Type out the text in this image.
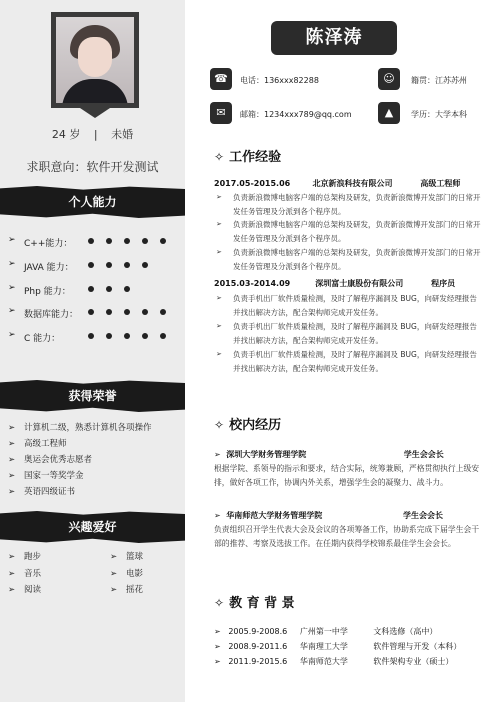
24 岁 | 未婚
求职意向：软件开发测试
个人能力
➢ C++能力：
➢ JAVA 能力：
➢ Php 能力：
➢ 数据库能力：
➢ C 能力：
获得荣誉
➢ 计算机二级，熟悉计算机各项操作
➢ 高级工程师
➢ 奥运会优秀志愿者
➢ 国家一等奖学金
➢ 英语四级证书
兴趣爱好
➢ 跑步	➢ 篮球
➢ 音乐	➢ 电影
➢ 阅读	➢ 摇花
陈泽涛
☎	电话：136xxx82288	☺	籍贯：江苏苏州
✉	邮箱：1234xxx789@qq.com	▲	学历：大学本科
✧ 工作经验
2017.05-2015.06        北京新浪科技有限公司          高级工程师
➢ 负责新浪微博电脑客户端的总架构及研发，负责新浪微博开发部门的日常开发任务管理及分派到各个程序员。
➢ 负责新浪微博电脑客户端的总架构及研发，负责新浪微博开发部门的日常开发任务管理及分派到各个程序员。
➢ 负责新浪微博电脑客户端的总架构及研发，负责新浪微博开发部门的日常开发任务管理及分派到各个程序员。
2015.03-2014.09         深圳富士康股份有限公司          程序员
➢ 负责手机出厂软件质量检测，及时了解程序漏洞及 BUG，向研发经理报告并找出解决方法，配合架构师完成开发任务。
➢ 负责手机出厂软件质量检测，及时了解程序漏洞及 BUG，向研发经理报告并找出解决方法，配合架构师完成开发任务。
➢ 负责手机出厂软件质量检测，及时了解程序漏洞及 BUG，向研发经理报告并找出解决方法，配合架构师完成开发任务。
✧ 校内经历
➢  深圳大学财务管理学院                                   学生会会长
根据学院、系领导的指示和要求，结合实际，统筹兼顾，严格贯彻执行上级安排，做好各项工作，协调内外关系，增强学生会的凝聚力、战斗力。
➢  华南师范大学财务管理学院                             学生会会长
负责组织召开学生代表大会及会议的各项筹备工作，协助系完成下届学生会干部的推荐、考察及选拔工作。在任期内获得学校锦系最佳学生会会长。
✧ 教 育 背 景
➢   2005.9-2008.6     广州第一中学          文科选修（高中）
➢   2008.9-2011.6     华南理工大学          软件管理与开发（本科）
➢   2011.9-2015.6     华南师范大学          软件架构专业（硕士）
